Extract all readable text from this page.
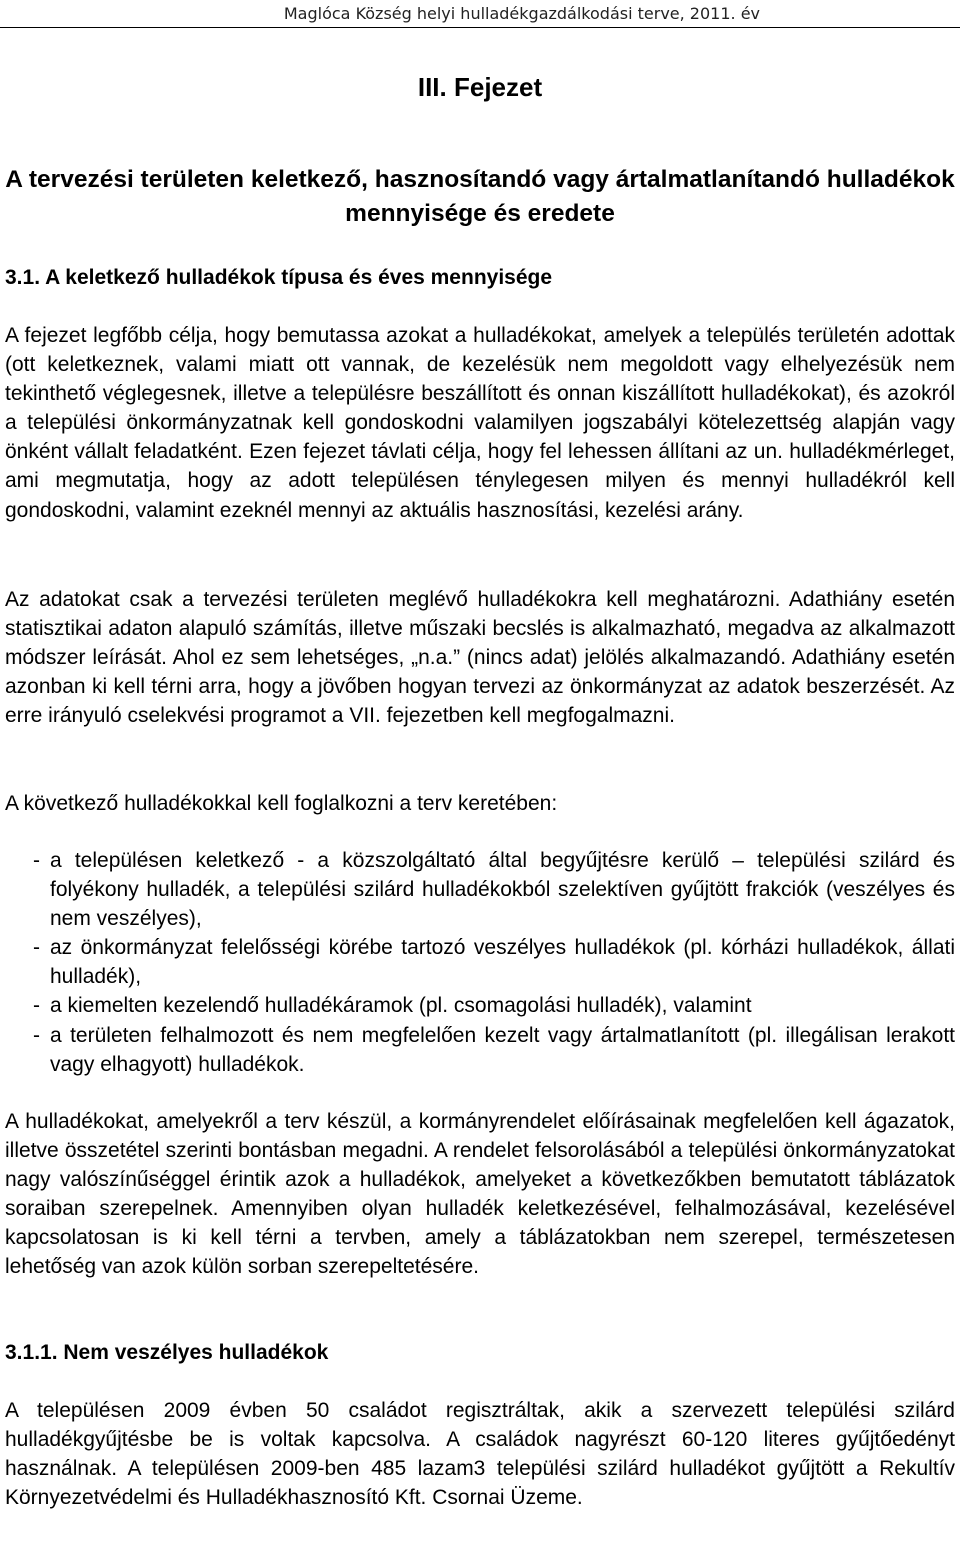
Maglóca Község helyi hulladékgazdálkodási terve, 2011. év
III. Fejezet
A tervezési területen keletkező, hasznosítandó vagy ártalmatlanítandó hulladékok mennyisége és eredete
3.1. A keletkező hulladékok típusa és éves mennyisége

A fejezet legfőbb célja, hogy bemutassa azokat a hulladékokat, amelyek a település területén adottak (ott keletkeznek, valami miatt ott vannak, de kezelésük nem megoldott vagy elhelyezésük nem tekinthető véglegesnek, illetve a településre beszállított és onnan kiszállított hulladékokat), és azokról a települési önkormányzatnak kell gondoskodni valamilyen jogszabályi kötelezettség alapján vagy önként vállalt feladatként. Ezen fejezet távlati célja, hogy fel lehessen állítani az un. hulladékmérleget, ami megmutatja, hogy az adott településen ténylegesen milyen és mennyi hulladékról kell gondoskodni, valamint ezeknél mennyi az aktuális hasznosítási, kezelési arány.

Az adatokat csak a tervezési területen meglévő hulladékokra kell meghatározni. Adathiány esetén statisztikai adaton alapuló számítás, illetve műszaki becslés is alkalmazható, megadva az alkalmazott módszer leírását. Ahol ez sem lehetséges, „n.a.” (nincs adat) jelölés alkalmazandó. Adathiány esetén azonban ki kell térni arra, hogy a jövőben hogyan tervezi az önkormányzat az adatok beszerzését. Az erre irányuló cselekvési programot a VII. fejezetben kell megfogalmazni.

A következő hulladékokkal kell foglalkozni a terv keretében:

- a településen keletkező - a közszolgáltató által begyűjtésre kerülő – települési szilárd és folyékony hulladék, a települési szilárd hulladékokból szelektíven gyűjtött frakciók (veszélyes és nem veszélyes),
- az önkormányzat felelősségi körébe tartozó veszélyes hulladékok (pl. kórházi hulladékok, állati hulladék),
- a kiemelten kezelendő hulladékáramok (pl. csomagolási hulladék), valamint
- a területen felhalmozott és nem megfelelően kezelt vagy ártalmatlanított (pl. illegálisan lerakott vagy elhagyott) hulladékok.

A hulladékokat, amelyekről a terv készül, a kormányrendelet előírásainak megfelelően kell ágazatok, illetve összetétel szerinti bontásban megadni. A rendelet felsorolásából a települési önkormányzatokat nagy valószínűséggel érintik azok a hulladékok, amelyeket a következőkben bemutatott táblázatok soraiban szerepelnek. Amennyiben olyan hulladék keletkezésével, felhalmozásával, kezelésével kapcsolatosan is ki kell térni a tervben, amely a táblázatokban nem szerepel, természetesen lehetőség van azok külön sorban szerepeltetésére.

3.1.1. Nem veszélyes hulladékok

A településen 2009 évben 50 családot regisztráltak, akik a szervezett települési szilárd hulladékgyűjtésbe be is voltak kapcsolva. A családok nagyrészt 60-120 literes gyűjtőedényt használnak. A településen 2009-ben 485 lazam3 települési szilárd hulladékot gyűjtött a Rekultív Környezetvédelmi és Hulladékhasznosító Kft. Csornai Üzeme.
